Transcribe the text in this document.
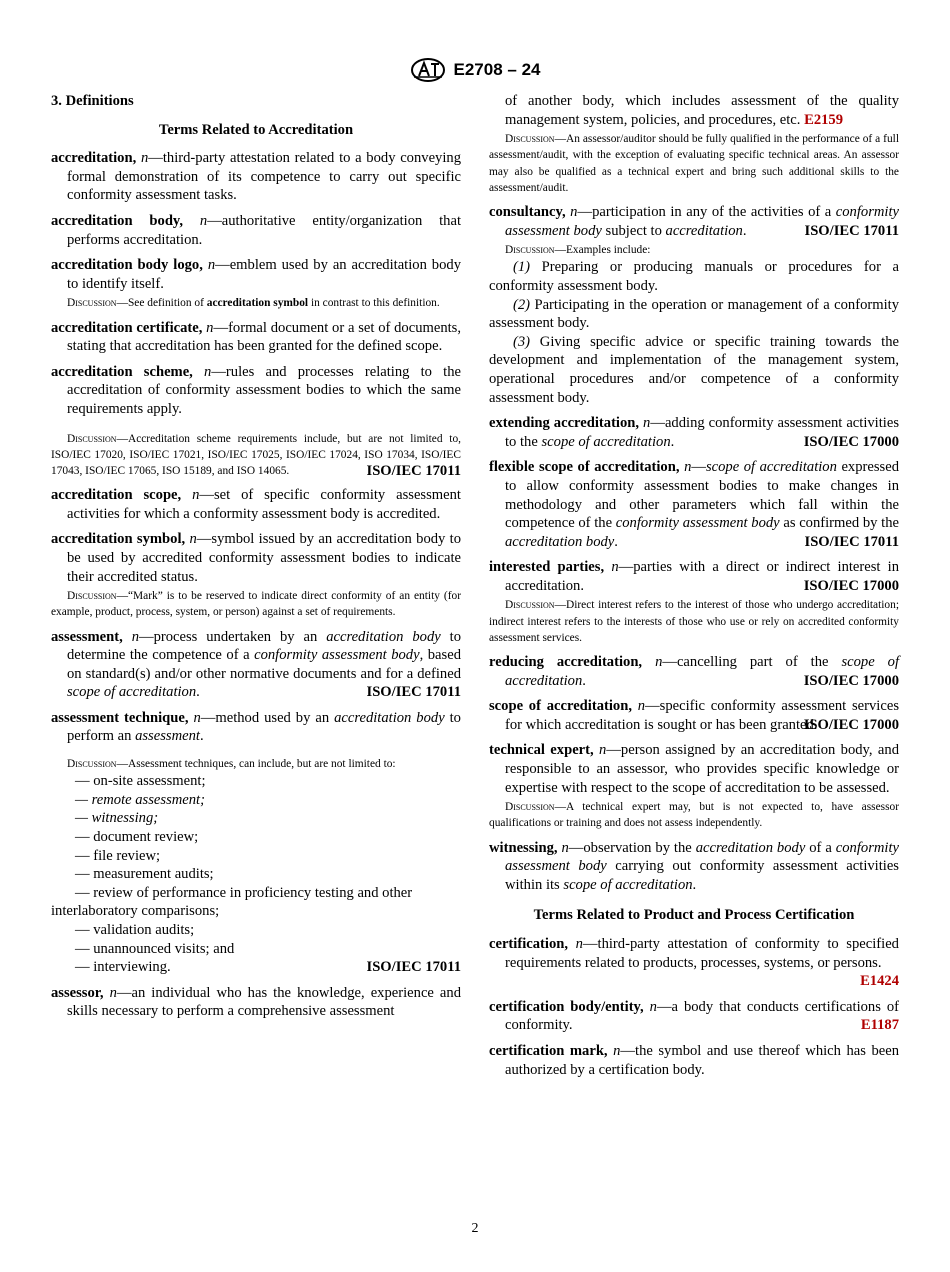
E2708 – 24
3. Definitions
Terms Related to Accreditation

accreditation, n—third-party attestation related to a body conveying formal demonstration of its competence to carry out specific conformity assessment tasks.

accreditation body, n—authoritative entity/organization that performs accreditation.

accreditation body logo, n—emblem used by an accreditation body to identify itself.

Discussion—See definition of accreditation symbol in contrast to this definition.

accreditation certificate, n—formal document or a set of documents, stating that accreditation has been granted for the defined scope.

accreditation scheme, n—rules and processes relating to the accreditation of conformity assessment bodies to which the same requirements apply.

Discussion—Accreditation scheme requirements include, but are not limited to, ISO/IEC 17020, ISO/IEC 17021, ISO/IEC 17025, ISO/IEC 17024, ISO 17034, ISO/IEC 17043, ISO/IEC 17065, ISO 15189, and ISO 14065.	ISO/IEC 17011

accreditation scope, n—set of specific conformity assessment activities for which a conformity assessment body is accredited.

accreditation symbol, n—symbol issued by an accreditation body to be used by accredited conformity assessment bodies to indicate their accredited status.

Discussion—“Mark” is to be reserved to indicate direct conformity of an entity (for example, product, process, system, or person) against a set of requirements.

assessment, n—process undertaken by an accreditation body to determine the competence of a conformity assessment body, based on standard(s) and/or other normative documents and for a defined scope of accreditation.	ISO/IEC 17011

assessment technique, n—method used by an accreditation body to perform an assessment.

Discussion—Assessment techniques, can include, but are not limited to:

— on-site assessment;

— remote assessment;

— witnessing;

— document review;

— file review;

— measurement audits;

— review of performance in proficiency testing and other interlaboratory comparisons;

— validation audits;

— unannounced visits; and

— interviewing.	ISO/IEC 17011

assessor, n—an individual who has the knowledge, experience and skills necessary to perform a comprehensive assessment

of another body, which includes assessment of the quality management system, policies, and procedures, etc. E2159

Discussion—An assessor/auditor should be fully qualified in the performance of a full assessment/audit, with the exception of evaluating specific technical areas. An assessor may also be qualified as a technical expert and bring such additional skills to the assessment/audit.

consultancy, n—participation in any of the activities of a conformity assessment body subject to accreditation.	ISO/IEC 17011

Discussion—Examples include:

(1) Preparing or producing manuals or procedures for a conformity assessment body.

(2) Participating in the operation or management of a conformity assessment body.

(3) Giving specific advice or specific training towards the development and implementation of the management system, operational procedures and/or competence of a conformity assessment body.

extending accreditation, n—adding conformity assessment activities to the scope of accreditation.	ISO/IEC 17000

flexible scope of accreditation, n—scope of accreditation expressed to allow conformity assessment bodies to make changes in methodology and other parameters which fall within the competence of the conformity assessment body as confirmed by the accreditation body.	ISO/IEC 17011

interested parties, n—parties with a direct or indirect interest in accreditation.	ISO/IEC 17000

Discussion—Direct interest refers to the interest of those who undergo accreditation; indirect interest refers to the interests of those who use or rely on accredited conformity assessment services.

reducing accreditation, n—cancelling part of the scope of accreditation.	ISO/IEC 17000

scope of accreditation, n—specific conformity assessment services for which accreditation is sought or has been granted.
ISO/IEC 17000

technical expert, n—person assigned by an accreditation body, and responsible to an assessor, who provides specific knowledge or expertise with respect to the scope of accreditation to be assessed.

Discussion—A technical expert may, but is not expected to, have assessor qualifications or training and does not assess independently.

witnessing, n—observation by the accreditation body of a conformity assessment body carrying out conformity assessment activities within its scope of accreditation.

Terms Related to Product and Process Certification

certification, n—third-party attestation of conformity to specified requirements related to products, processes, systems, or persons.
E1424

certification body/entity, n—a body that conducts certifications of conformity.	E1187

certification mark, n—the symbol and use thereof which has been authorized by a certification body.

2
